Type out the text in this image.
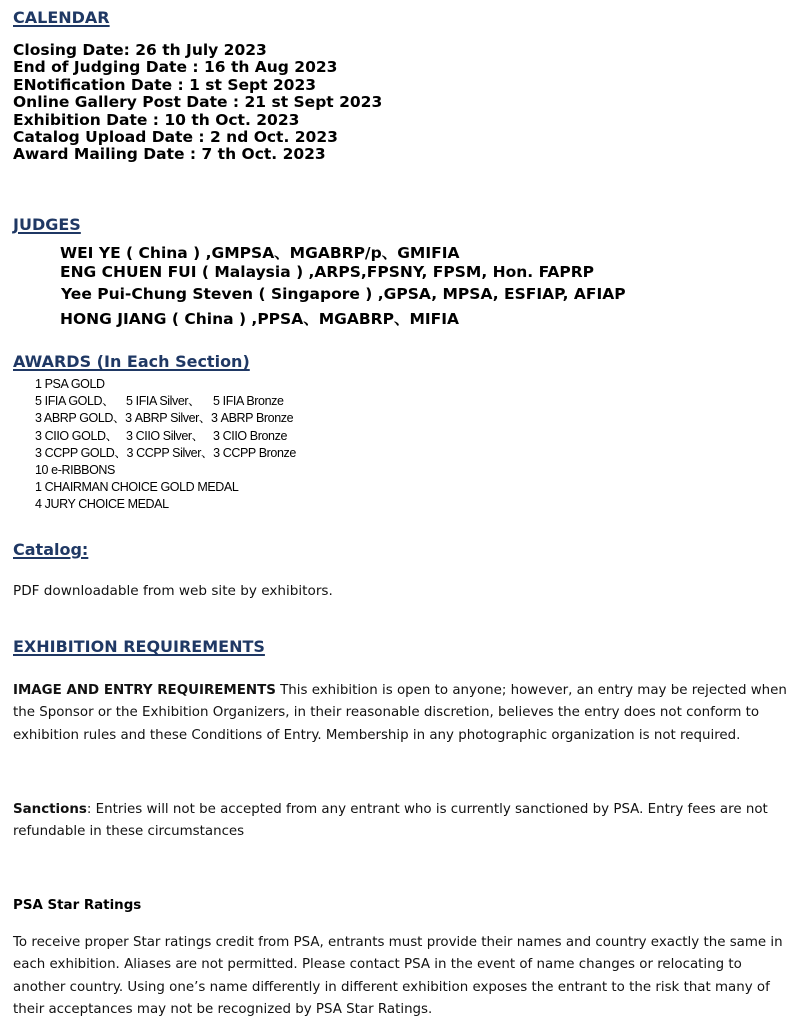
CALENDAR
Closing Date: 26 th July 2023
End of Judging Date : 16 th Aug 2023
ENotification Date : 1 st Sept 2023
Online Gallery Post Date : 21 st Sept 2023
Exhibition Date : 10 th Oct. 2023
Catalog Upload Date : 2 nd Oct. 2023
Award Mailing Date : 7 th Oct. 2023
JUDGES
WEI YE ( China ) ,GMPSA、MGABRP/p、GMIFIA
ENG CHUEN FUI ( Malaysia ) ,ARPS,FPSNY, FPSM, Hon. FAPRP
Yee Pui-Chung Steven ( Singapore ) ,GPSA, MPSA, ESFIAP, AFIAP
HONG JIANG ( China ) ,PPSA、MGABRP、MIFIA
AWARDS (In Each Section)
1 PSA GOLD
5 IFIA GOLD、 5 IFIA Silver、 5 IFIA Bronze
3 ABRP GOLD、3 ABRP Silver、3 ABRP Bronze
3 CIIO GOLD、 3 CIIO Silver、 3 CIIO Bronze
3 CCPP GOLD、3 CCPP Silver、3 CCPP Bronze
10 e-RIBBONS
1 CHAIRMAN CHOICE GOLD MEDAL
4 JURY CHOICE MEDAL
Catalog:
PDF downloadable from web site by exhibitors.
EXHIBITION REQUIREMENTS
IMAGE AND ENTRY REQUIREMENTS This exhibition is open to anyone; however, an entry may be rejected when the Sponsor or the Exhibition Organizers, in their reasonable discretion, believes the entry does not conform to exhibition rules and these Conditions of Entry. Membership in any photographic organization is not required.
Sanctions: Entries will not be accepted from any entrant who is currently sanctioned by PSA. Entry fees are not refundable in these circumstances
PSA Star Ratings
To receive proper Star ratings credit from PSA, entrants must provide their names and country exactly the same in each exhibition. Aliases are not permitted. Please contact PSA in the event of name changes or relocating to another country. Using one’s name differently in different exhibition exposes the entrant to the risk that many of their acceptances may not be recognized by PSA Star Ratings.
